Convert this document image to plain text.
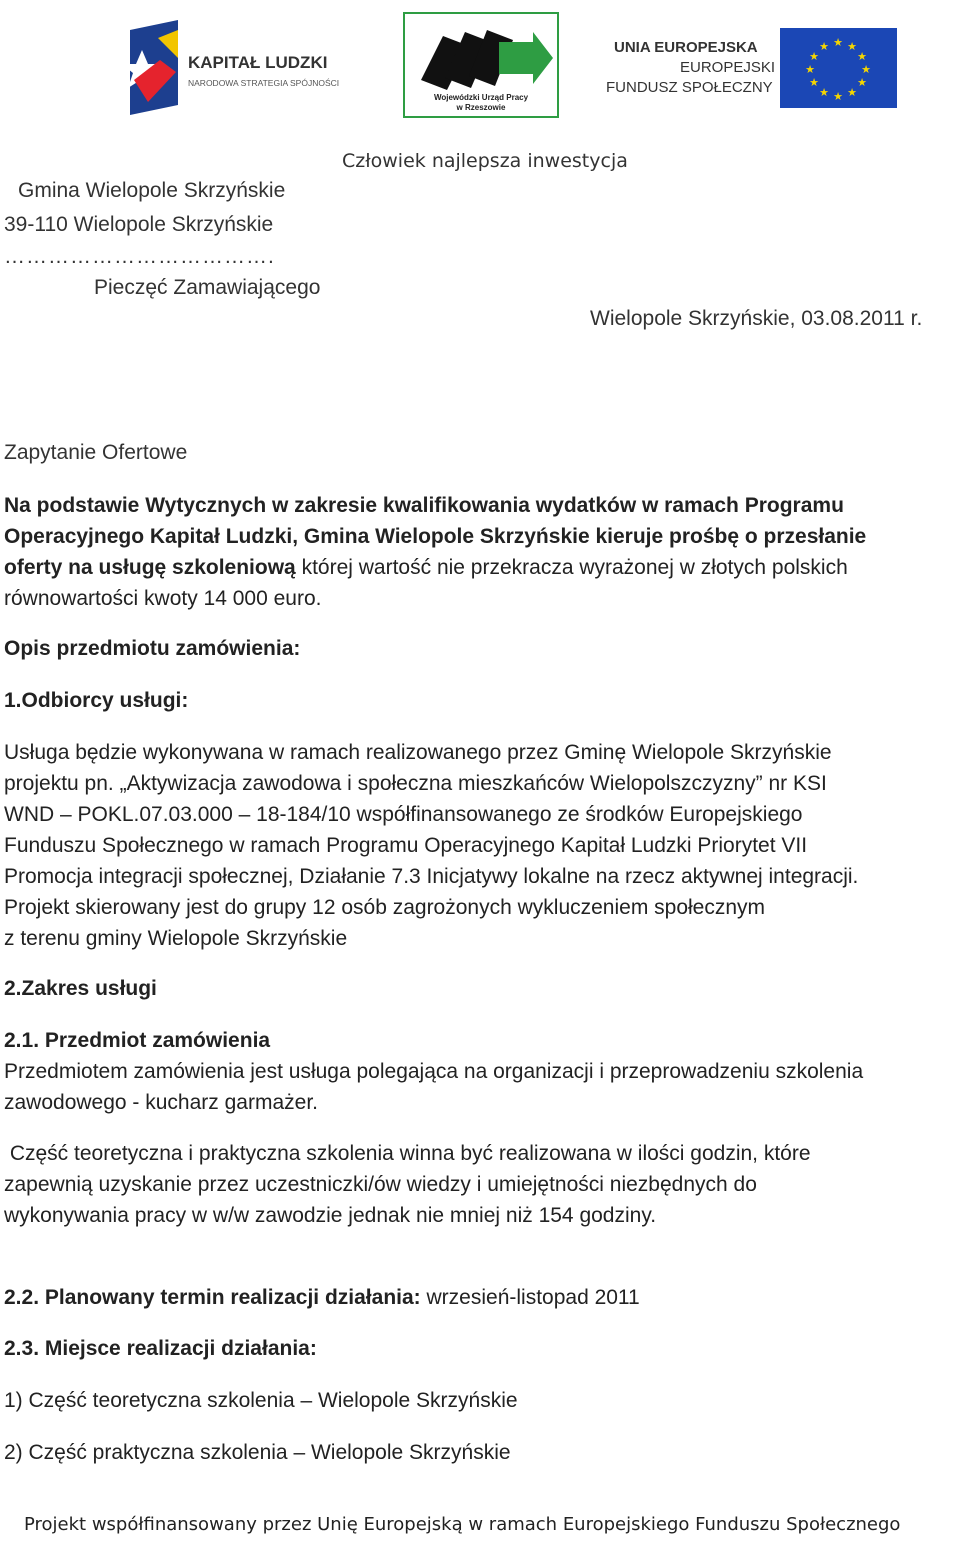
KAPITAŁ LUDZKI
NARODOWA STRATEGIA SPÓJNOŚCI
Wojewódzki Urząd Pracy
w Rzeszowie
UNIA EUROPEJSKA
EUROPEJSKI
FUNDUSZ SPOŁECZNY
★ ★
★
★
★
★
★
★
★
★
★
★
Człowiek najlepsza inwestycja
Gmina Wielopole Skrzyńskie
39-110 Wielopole Skrzyńskie
……………………………….
Pieczęć Zamawiającego
Wielopole Skrzyńskie, 03.08.2011 r.
Zapytanie Ofertowe
Na podstawie Wytycznych w zakresie kwalifikowania wydatków w ramach Programu
Operacyjnego Kapitał Ludzki, Gmina Wielopole Skrzyńskie kieruje prośbę o przesłanie
oferty na usługę szkoleniową której wartość nie przekracza wyrażonej w złotych polskich
równowartości kwoty 14 000 euro.
Opis przedmiotu zamówienia:
1.Odbiorcy usługi:
Usługa będzie wykonywana w ramach realizowanego przez Gminę Wielopole Skrzyńskie
projektu pn. „Aktywizacja zawodowa i społeczna mieszkańców Wielopolszczyzny” nr KSI
WND – POKL.07.03.000 – 18-184/10 współfinansowanego ze środków Europejskiego
Funduszu Społecznego w ramach Programu Operacyjnego Kapitał Ludzki Priorytet VII
Promocja integracji społecznej, Działanie 7.3 Inicjatywy lokalne na rzecz aktywnej integracji.
Projekt skierowany jest do grupy 12 osób zagrożonych wykluczeniem społecznym
z terenu gminy Wielopole Skrzyńskie
2.Zakres usługi
2.1. Przedmiot zamówienia
Przedmiotem zamówienia jest usługa polegająca na organizacji i przeprowadzeniu szkolenia
zawodowego - kucharz garmażer.
Część teoretyczna i praktyczna szkolenia winna być realizowana w ilości godzin, które
zapewnią uzyskanie przez uczestniczki/ów wiedzy i umiejętności niezbędnych do
wykonywania pracy w w/w zawodzie jednak nie mniej niż 154 godziny.
2.2. Planowany termin realizacji działania: wrzesień-listopad 2011
2.3. Miejsce realizacji działania:
1) Część teoretyczna szkolenia – Wielopole Skrzyńskie
2) Część praktyczna szkolenia – Wielopole Skrzyńskie
Projekt współfinansowany przez Unię Europejską w ramach Europejskiego Funduszu Społecznego
